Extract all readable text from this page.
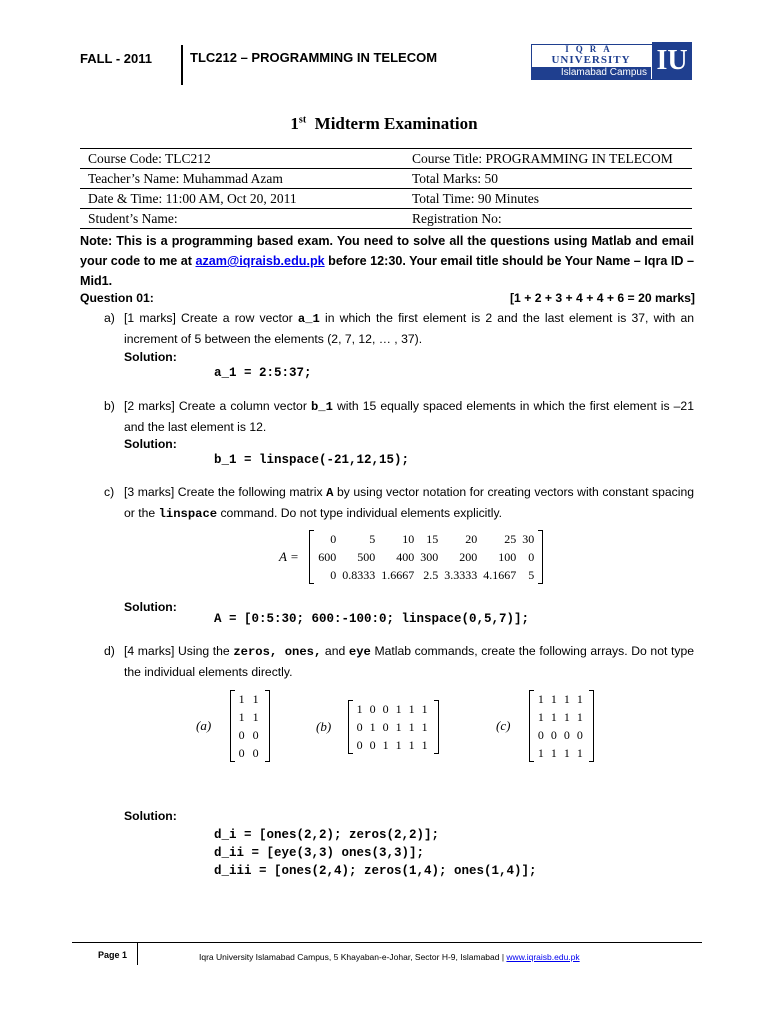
FALL - 2011	TLC212 – PROGRAMMING IN TELECOM
IQRA
UNIVERSITY
Islamabad Campus IU
1st Midterm Examination
Course Code: TLC212	Course Title: PROGRAMMING IN TELECOM
Teacher’s Name: Muhammad Azam	Total Marks: 50
Date & Time: 11:00 AM, Oct 20, 2011	Total Time: 90 Minutes
Student’s Name:	Registration No:
Note: This is a programming based exam. You need to solve all the questions using Matlab and email your code to me at azam@iqraisb.edu.pk before 12:30. Your email title should be Your Name – Iqra ID – Mid1.
Question 01:	[1 + 2 + 3 + 4 + 4 + 6 = 20 marks]
a) [1 marks] Create a row vector a_1 in which the first element is 2 and the last element is 37, with an increment of 5 between the elements (2, 7, 12, … , 37).
Solution:
a_1 = 2:5:37;
b) [2 marks] Create a column vector b_1 with 15 equally spaced elements in which the first element is –21 and the last element is 12.
Solution:
b_1 = linspace(-21,12,15);
c) [3 marks] Create the following matrix A by using vector notation for creating vectors with constant spacing or the linspace command. Do not type individual elements explicitly.
A =
0	5	10	15	20	25	30
600	500	400	300	200	100	0
0	0.8333	1.6667	2.5	3.3333	4.1667	5
Solution:
A = [0:5:30; 600:-100:0; linspace(0,5,7)];
d) [4 marks] Using the zeros, ones, and eye Matlab commands, create the following arrays. Do not type the individual elements directly.
(a)
1	1
1	1
0	0
0	0
(b)
1 0 0 1 1 1
0 1 0 1 1 1
0 0 1 1 1 1
(c)
1 1 1 1
1 1 1 1
0 0 0 0
1 1 1 1
Solution:
d_i = [ones(2,2); zeros(2,2)];
d_ii = [eye(3,3) ones(3,3)];
d_iii = [ones(2,4); zeros(1,4); ones(1,4)];
Page 1	Iqra University Islamabad Campus, 5 Khayaban-e-Johar, Sector H-9, Islamabad | www.iqraisb.edu.pk
